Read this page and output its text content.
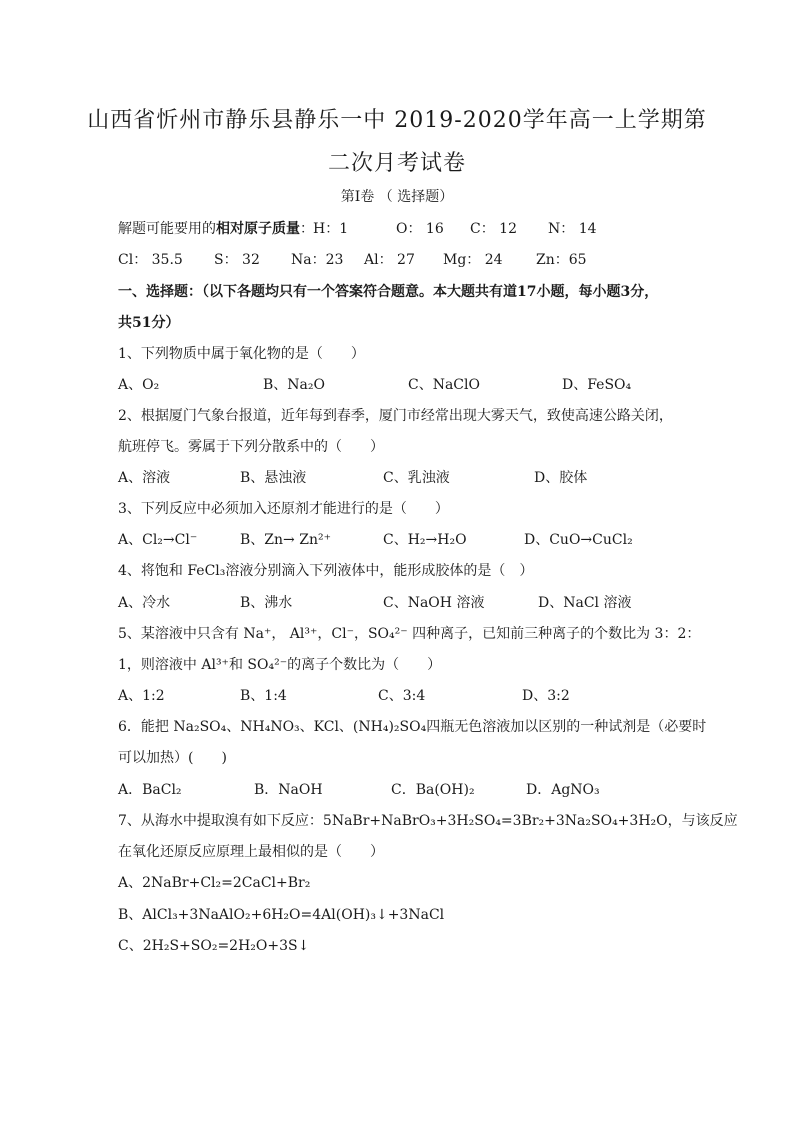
山西省忻州市静乐县静乐一中 2019-2020学年高一上学期第
二次月考试卷
第Ⅰ卷 （ 选择题）
解题可能要用的相对原子质量： H：1	O： 16 C： 12 N： 14
Cl： 35.5 S： 32 Na：23 Al： 27 Mg： 24 Zn：65
一、选择题：（以下各题均只有一个答案符合题意。本大题共有道17小题，每小题3分，
共51分）
1、下列物质中属于氧化物的是（　　）
A、O₂	B、Na₂O	C、NaClO	D、FeSO₄
2、根据厦门气象台报道，近年每到春季，厦门市经常出现大雾天气，致使高速公路关闭，
航班停飞。雾属于下列分散系中的（　　）
A、溶液	B、悬浊液	C、乳浊液	D、胶体
3、下列反应中必须加入还原剂才能进行的是（　　）
A、Cl₂→Cl⁻	B、Zn→ Zn²⁺	C、H₂→H₂O	D、CuO→CuCl₂
4、将饱和 FeCl₃溶液分别滴入下列液体中，能形成胶体的是（　）
A、冷水	B、沸水	C、NaOH 溶液	D、NaCl 溶液
5、某溶液中只含有 Na⁺， Al³⁺，Cl⁻，SO₄²⁻ 四种离子，已知前三种离子的个数比为 3：2：
1，则溶液中 Al³⁺和 SO₄²⁻的离子个数比为（　　）
A、1:2	B、1:4	C、3:4	D、3:2
6．能把 Na₂SO₄、NH₄NO₃、KCl、(NH₄)₂SO₄四瓶无色溶液加以区别的一种试剂是（必要时
可以加热）(　　)
A．BaCl₂	B．NaOH	C．Ba(OH)₂	D．AgNO₃
7、从海水中提取溴有如下反应：5NaBr+NaBrO₃+3H₂SO₄=3Br₂+3Na₂SO₄+3H₂O，与该反应
在氧化还原反应原理上最相似的是（　　）
A、2NaBr+Cl₂=2CaCl+Br₂
B、AlCl₃+3NaAlO₂+6H₂O=4Al(OH)₃↓+3NaCl
C、2H₂S+SO₂=2H₂O+3S↓
